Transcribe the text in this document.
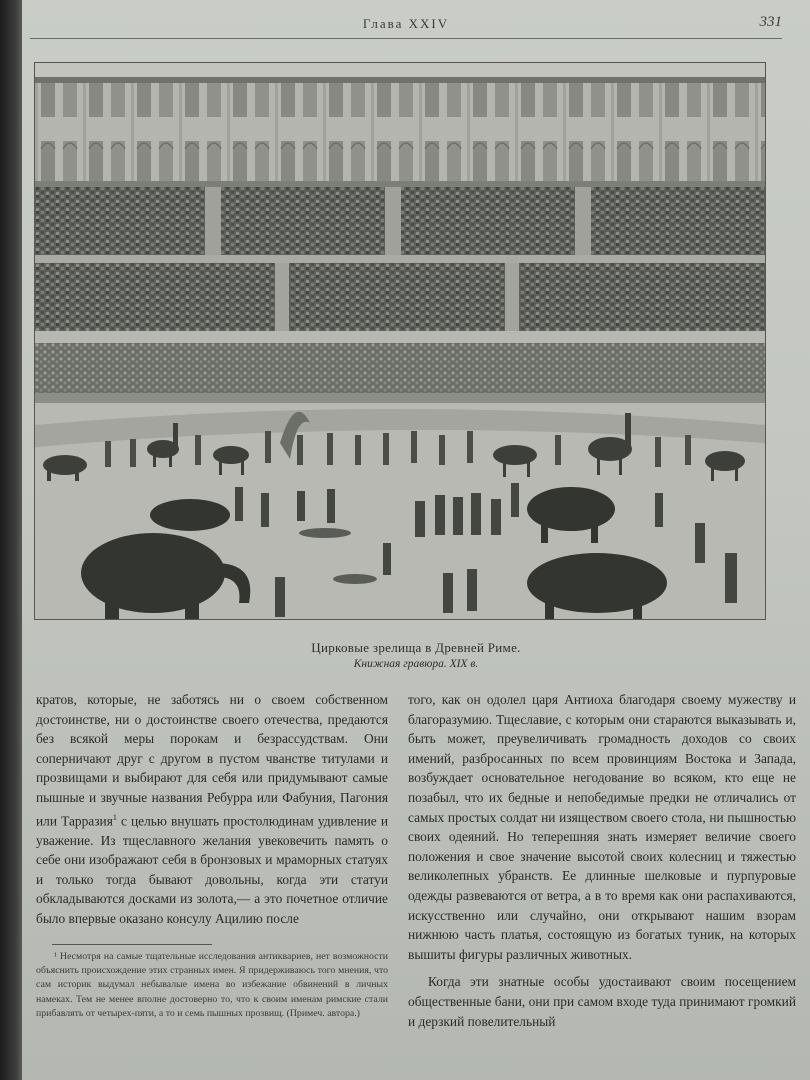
Глава XXIV	331
Цирковые зрелища в Древней Риме.
Книжная гравюра. XIX в.

кратов, которые, не заботясь ни о своем собственном достоинстве, ни о достоинстве своего отечества, предаются без всякой меры порокам и безрассудствам. Они соперничают друг с другом в пустом чванстве титулами и прозвищами и выбирают для себя или придумывают самые пышные и звучные названия Ребурра или Фабуния, Пагония или Тарразия$^1$ с целью внушать простолюдинам удивление и уважение. Из тщеславного желания увековечить память о себе они изображают себя в бронзовых и мраморных статуях и только тогда бывают довольны, когда эти статуи обкладываются досками из золота,— а это почетное отличие было впервые оказано консулу Ацилию после

того, как он одолел царя Антиоха благодаря своему мужеству и благоразумию. Тщеславие, с которым они стараются выказывать и, быть может, преувеличивать громадность доходов со своих имений, разбросанных по всем провинциям Востока и Запада, возбуждает основательное негодование во всяком, кто еще не позабыл, что их бедные и непобедимые предки не отличались от самых простых солдат ни изяществом своего стола, ни пышностью своих одеяний. Но теперешняя знать измеряет величие своего положения и свое значение высотой своих колесниц и тяжестью великолепных убранств. Ее длинные шелковые и пурпуровые одежды развеваются от ветра, а в то время как они распахиваются, искусственно или случайно, они открывают нашим взорам нижнюю часть платья, состоящую из богатых туник, на которых вышиты фигуры различных животных.

Когда эти знатные особы удостаивают своим посещением общественные бани, они при самом входе туда принимают громкий и дерзкий повелительный

¹ Несмотря на самые тщательные исследования антиквариев, нет возможности объяснить происхождение этих странных имен. Я придерживаюсь того мнения, что сам историк выдумал небывалые имена во избежание обвинений в личных намеках. Тем не менее вполне достоверно то, что к своим именам римские стали прибавлять от четырех-пяти, а то и семь пышных прозвищ. (Примеч. автора.)
